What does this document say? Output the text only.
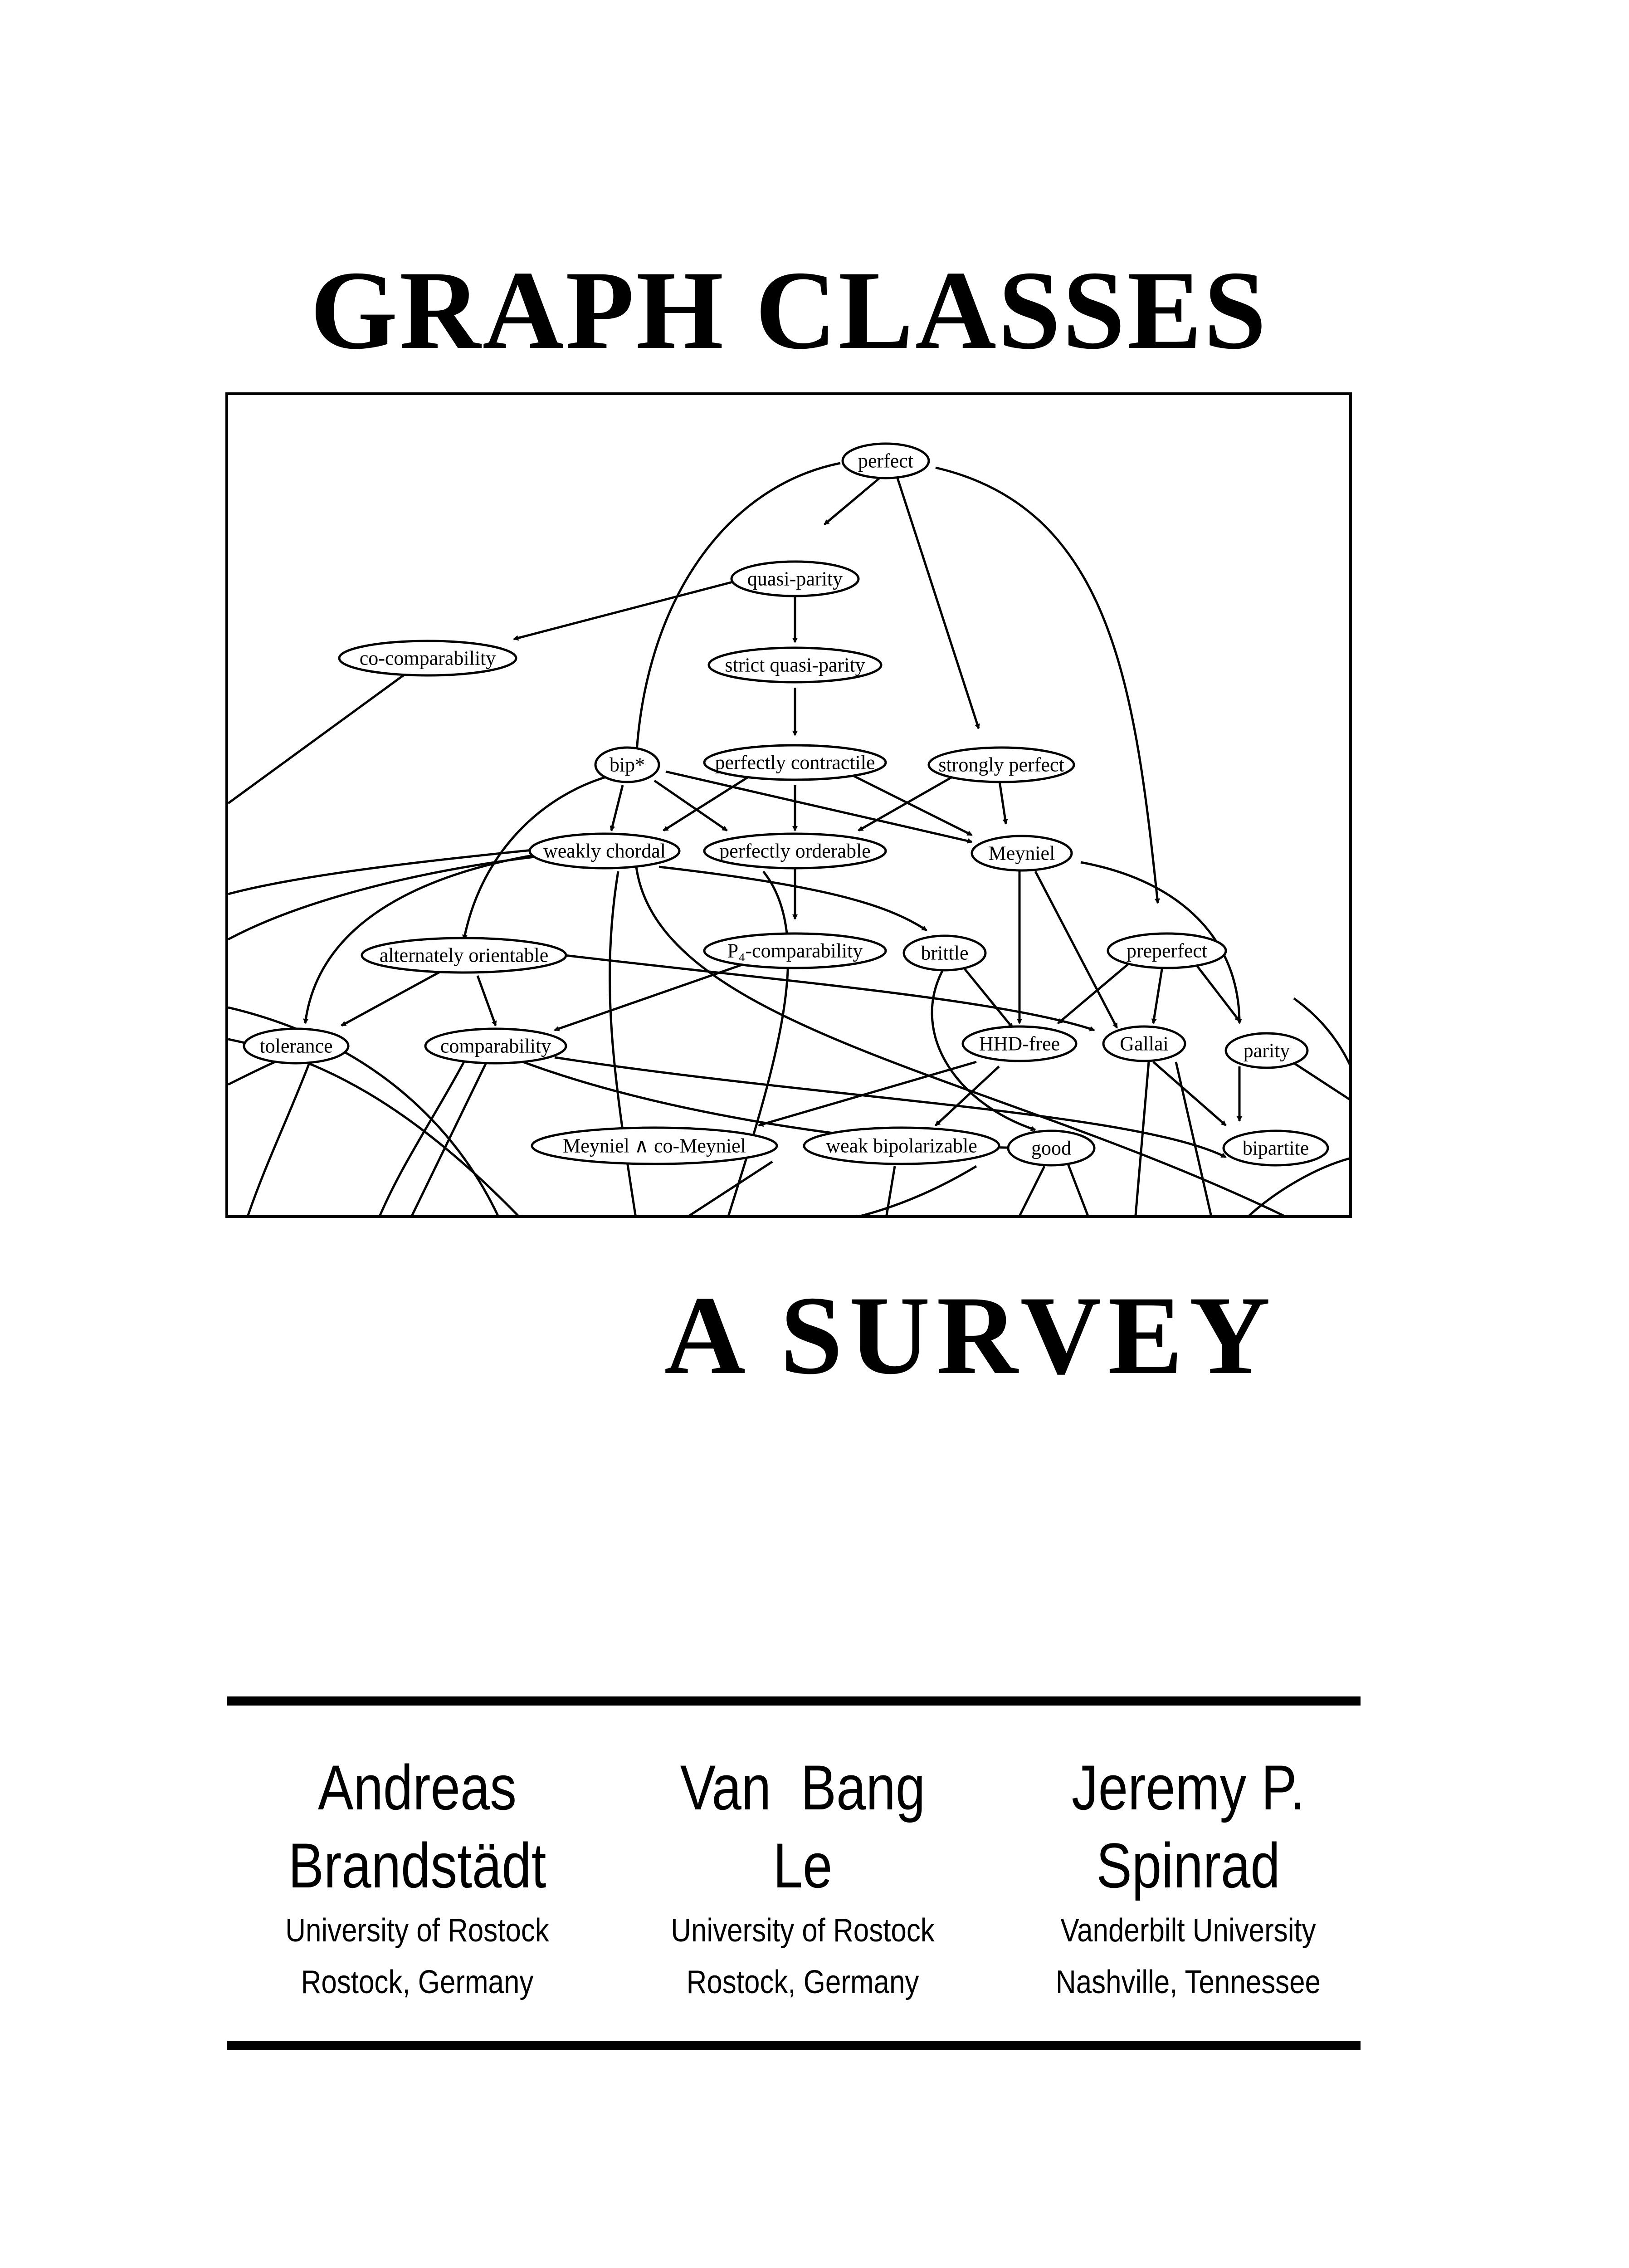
GRAPH CLASSES
perfect
quasi-parity
co-comparability	strict quasi-parity
bip*	perfectly contractile	strongly perfect
weakly chordal	perfectly orderable	Meyniel
alternately orientable	P₄-comparability	brittle	preperfect
tolerance	comparability	HHD-free	Gallai	parity
Meyniel ∧ co-Meyniel	weak bipolarizable	good	bipartite
A SURVEY
Andreas
Brandstädt
University of Rostock
Rostock, Germany
Van  Bang
Le
University of Rostock
Rostock, Germany
Jeremy P.
Spinrad
Vanderbilt University
Nashville, Tennessee
